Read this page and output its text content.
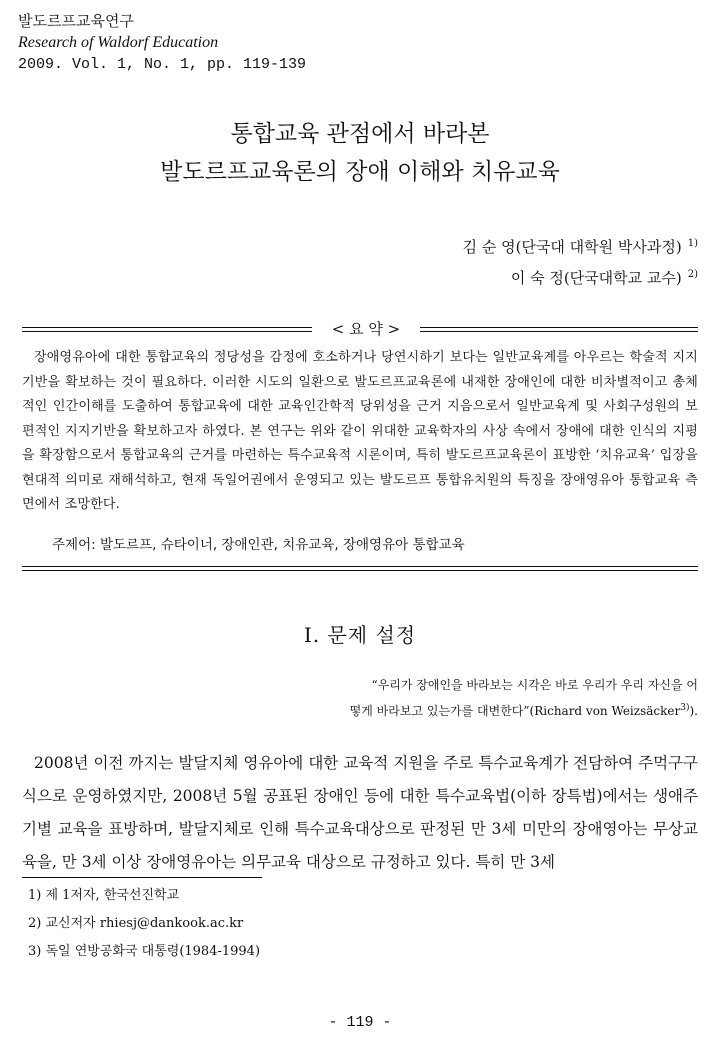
발도르프교육연구
Research of Waldorf Education
2009. Vol. 1, No. 1, pp. 119-139
통합교육 관점에서 바라본
발도르프교육론의 장애 이해와 치유교육
김 순 영(단국대 대학원 박사과정) $^{1)}$
이 숙 정(단국대학교 교수) $^{2)}$
< 요 약 >

장애영유아에 대한 통합교육의 정당성을 감정에 호소하거나 당연시하기 보다는 일반교육계를 아우르는 학술적 지지기반을 확보하는 것이 필요하다. 이러한 시도의 일환으로 발도르프교육론에 내재한 장애인에 대한 비차별적이고 총체적인 인간이해를 도출하여 통합교육에 대한 교육인간학적 당위성을 근거 지음으로서 일반교육계 및 사회구성원의 보편적인 지지기반을 확보하고자 하였다. 본 연구는 위와 같이 위대한 교육학자의 사상 속에서 장애에 대한 인식의 지평을 확장함으로서 통합교육의 근거를 마련하는 특수교육적 시론이며, 특히 발도르프교육론이 표방한 ‘치유교육’ 입장을 현대적 의미로 재해석하고, 현재 독일어권에서 운영되고 있는 발도르프 통합유치원의 특징을 장애영유아 통합교육 측면에서 조망한다.

주제어: 발도르프, 슈타이너, 장애인관, 치유교육, 장애영유아 통합교육
Ⅰ. 문제 설정

“우리가 장애인을 바라보는 시각은 바로 우리가 우리 자신을 어

떻게 바라보고 있는가를 대변한다”(Richard von Weizsäcker$^{3)}$).

2008년 이전 까지는 발달지체 영유아에 대한 교육적 지원을 주로 특수교육계가 전담하여 주먹구구식으로 운영하였지만, 2008년 5월 공표된 장애인 등에 대한 특수교육법(이하 장특법)에서는 생애주기별 교육을 표방하며, 발달지체로 인해 특수교육대상으로 판정된 만 3세 미만의 장애영아는 무상교육을, 만 3세 이상 장애영유아는 의무교육 대상으로 규정하고 있다. 특히 만 3세

1) 제 1저자, 한국선진학교
2) 교신저자 rhiesj@dankook.ac.kr
3) 독일 연방공화국 대통령(1984-1994)
- 119 -
